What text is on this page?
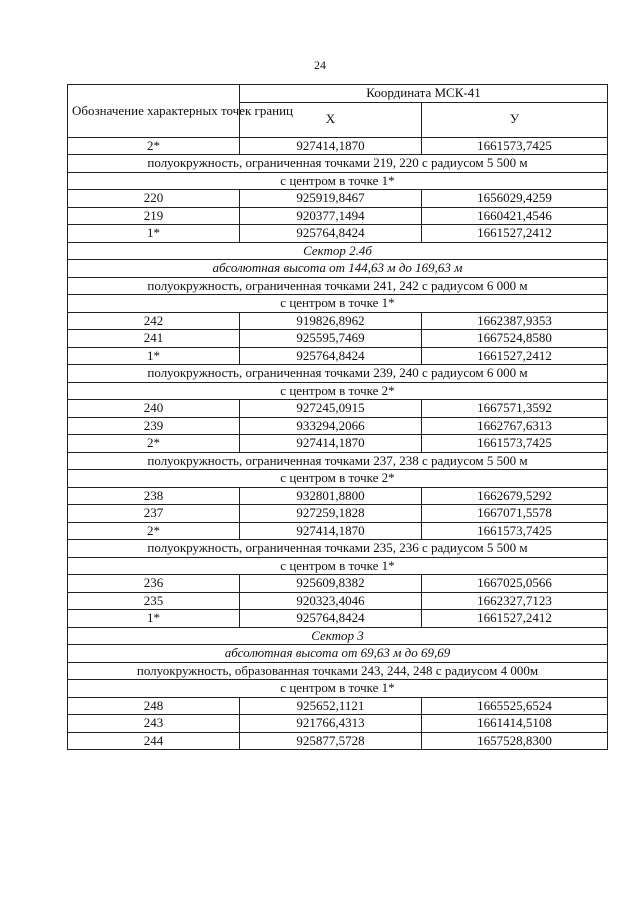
24
Обозначение характерных точек границ	Координата МСК-41	
	X	У
2*	927414,1870	1661573,7425
полуокружность, ограниченная точками 219, 220 с радиусом 5 500 м		
с центром в точке 1*		
220	925919,8467	1656029,4259
219	920377,1494	1660421,4546
1*	925764,8424	1661527,2412
Сектор 2.4б		
абсолютная высота от 144,63 м до 169,63 м		
полуокружность, ограниченная точками 241, 242 с радиусом 6 000 м		
с центром в точке 1*		
242	919826,8962	1662387,9353
241	925595,7469	1667524,8580
1*	925764,8424	1661527,2412
полуокружность, ограниченная точками 239, 240 с радиусом 6 000 м		
с центром в точке 2*		
240	927245,0915	1667571,3592
239	933294,2066	1662767,6313
2*	927414,1870	1661573,7425
полуокружность, ограниченная точками 237, 238 с радиусом 5 500 м		
с центром в точке 2*		
238	932801,8800	1662679,5292
237	927259,1828	1667071,5578
2*	927414,1870	1661573,7425
полуокружность, ограниченная точками 235, 236 с радиусом 5 500 м		
с центром в точке 1*		
236	925609,8382	1667025,0566
235	920323,4046	1662327,7123
1*	925764,8424	1661527,2412
Сектор 3		
абсолютная высота от 69,63 м до 69,69		
полуокружность, образованная точками 243, 244, 248 с радиусом 4 000м		
с центром в точке 1*		
248	925652,1121	1665525,6524
243	921766,4313	1661414,5108
244	925877,5728	1657528,8300
